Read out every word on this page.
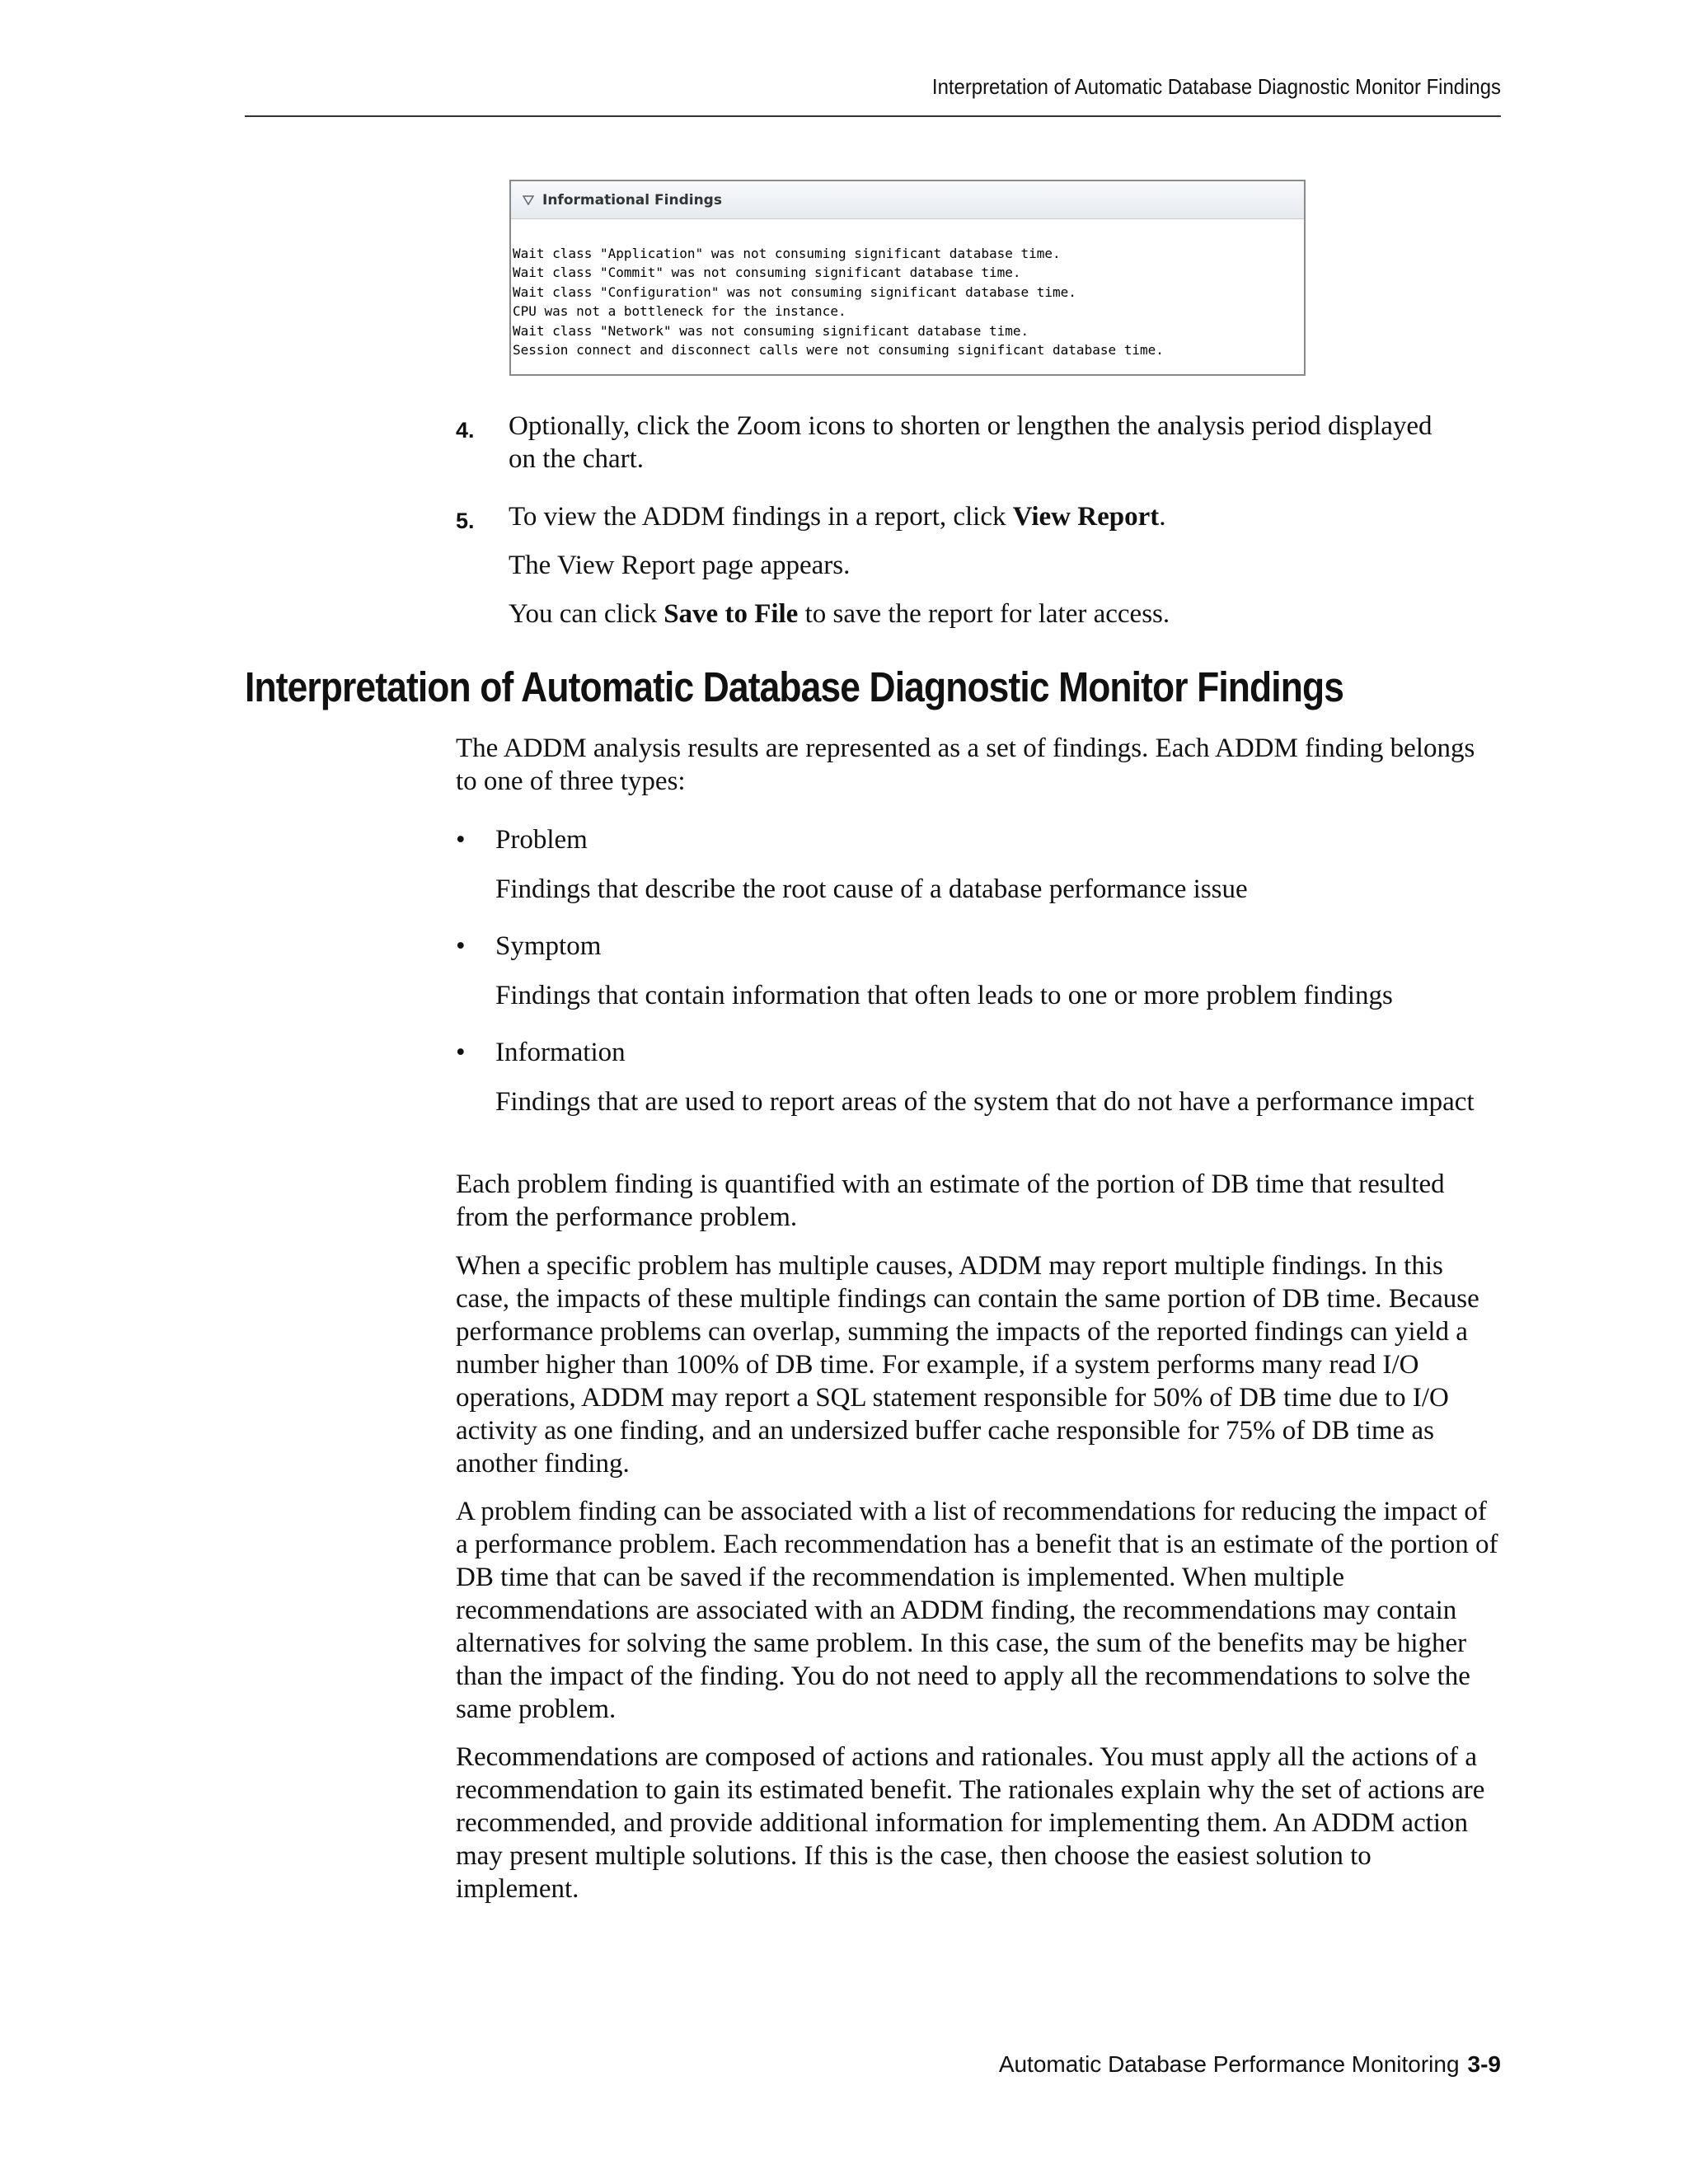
Interpretation of Automatic Database Diagnostic Monitor Findings
Informational Findings
Wait class "Application" was not consuming significant database time.
Wait class "Commit" was not consuming significant database time.
Wait class "Configuration" was not consuming significant database time.
CPU was not a bottleneck for the instance.
Wait class "Network" was not consuming significant database time.
Session connect and disconnect calls were not consuming significant database time.
4. Optionally, click the Zoom icons to shorten or lengthen the analysis period displayed on the chart.
5. To view the ADDM findings in a report, click View Report.
The View Report page appears.
You can click Save to File to save the report for later access.
Interpretation of Automatic Database Diagnostic Monitor Findings
The ADDM analysis results are represented as a set of findings. Each ADDM finding belongs to one of three types:
• Problem
Findings that describe the root cause of a database performance issue
• Symptom
Findings that contain information that often leads to one or more problem findings
• Information
Findings that are used to report areas of the system that do not have a performance impact
Each problem finding is quantified with an estimate of the portion of DB time that resulted from the performance problem.
When a specific problem has multiple causes, ADDM may report multiple findings. In this case, the impacts of these multiple findings can contain the same portion of DB time. Because performance problems can overlap, summing the impacts of the reported findings can yield a number higher than 100% of DB time. For example, if a system performs many read I/O operations, ADDM may report a SQL statement responsible for 50% of DB time due to I/O activity as one finding, and an undersized buffer cache responsible for 75% of DB time as another finding.
A problem finding can be associated with a list of recommendations for reducing the impact of a performance problem. Each recommendation has a benefit that is an estimate of the portion of DB time that can be saved if the recommendation is implemented. When multiple recommendations are associated with an ADDM finding, the recommendations may contain alternatives for solving the same problem. In this case, the sum of the benefits may be higher than the impact of the finding. You do not need to apply all the recommendations to solve the same problem.
Recommendations are composed of actions and rationales. You must apply all the actions of a recommendation to gain its estimated benefit. The rationales explain why the set of actions are recommended, and provide additional information for implementing them. An ADDM action may present multiple solutions. If this is the case, then choose the easiest solution to implement.
Automatic Database Performance Monitoring 3-9
